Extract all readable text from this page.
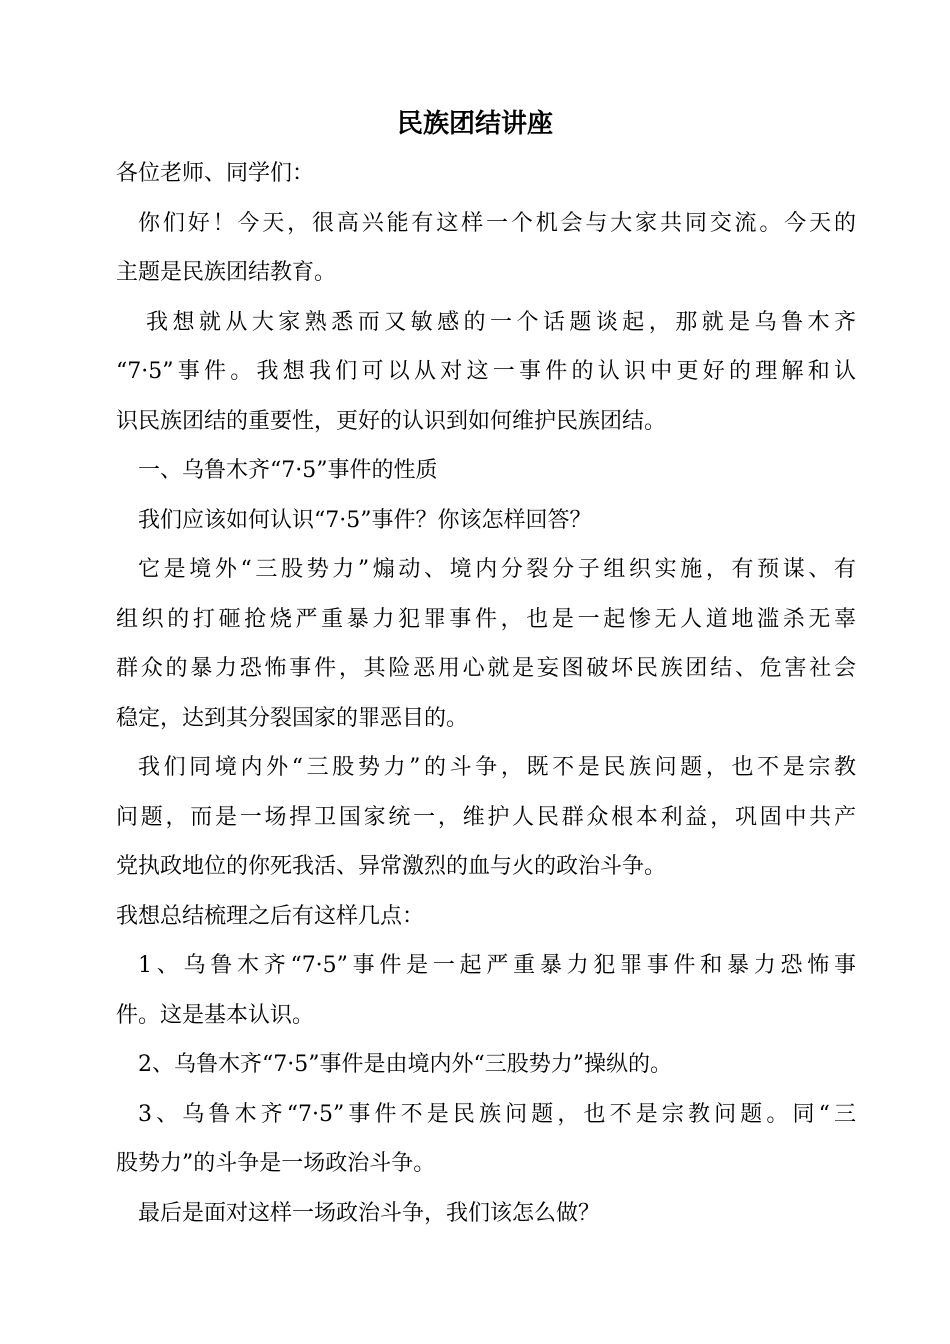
民族团结讲座
各位老师、同学们：
你们好！今天，很高兴能有这样一个机会与大家共同交流。今天的
主题是民族团结教育。
我想就从大家熟悉而又敏感的一个话题谈起，那就是乌鲁木齐
“7·5”事件。我想我们可以从对这一事件的认识中更好的理解和认
识民族团结的重要性，更好的认识到如何维护民族团结。
一、乌鲁木齐“7·5”事件的性质
我们应该如何认识“7·5”事件？你该怎样回答？
它是境外“三股势力”煽动、境内分裂分子组织实施，有预谋、有
组织的打砸抢烧严重暴力犯罪事件，也是一起惨无人道地滥杀无辜
群众的暴力恐怖事件，其险恶用心就是妄图破坏民族团结、危害社会
稳定，达到其分裂国家的罪恶目的。
我们同境内外“三股势力”的斗争，既不是民族问题，也不是宗教
问题，而是一场捍卫国家统一，维护人民群众根本利益，巩固中共产
党执政地位的你死我活、异常激烈的血与火的政治斗争。
我想总结梳理之后有这样几点：
1、乌鲁木齐“7·5”事件是一起严重暴力犯罪事件和暴力恐怖事
件。这是基本认识。
2、乌鲁木齐“7·5”事件是由境内外“三股势力”操纵的。
3、乌鲁木齐“7·5”事件不是民族问题，也不是宗教问题。同“三
股势力”的斗争是一场政治斗争。
最后是面对这样一场政治斗争，我们该怎么做？
